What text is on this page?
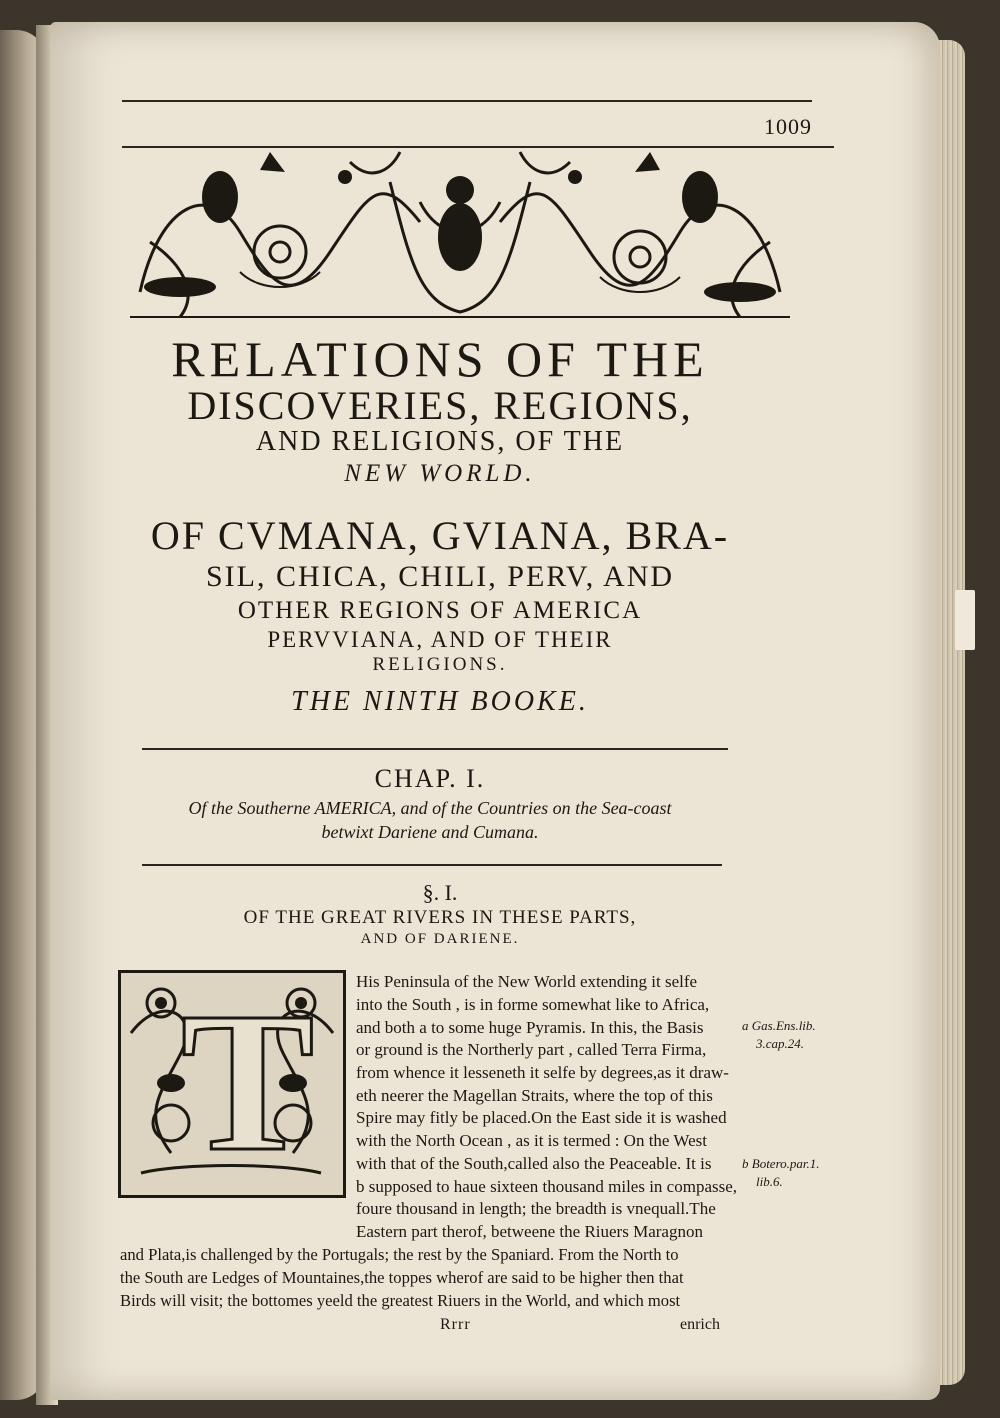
1009
RELATIONS OF THE
DISCOVERIES, REGIONS,
AND RELIGIONS, OF THE
NEW WORLD.
OF CVMANA, GVIANA, BRA-
SIL, CHICA, CHILI, PERV, AND
OTHER REGIONS OF AMERICA
PERVVIANA, AND OF THEIR
RELIGIONS.
THE NINTH BOOKE.
CHAP. I.
Of the Southerne AMERICA, and of the Countries on the Sea-coast
betwixt Dariene and Cumana.
§. I.
OF THE GREAT RIVERS IN THESE PARTS,
AND OF DARIENE.
T His Peninsula of the New World extending it selfe
into the South , is in forme somewhat like to Africa,
and both a to some huge Pyramis. In this, the Basis
or ground is the Northerly part , called Terra Firma,
from whence it lesseneth it selfe by degrees,as it draw-
eth neerer the Magellan Straits, where the top of this
Spire may fitly be placed.On the East side it is washed
with the North Ocean , as it is termed : On the West
with that of the South,called also the Peaceable. It is
b supposed to haue sixteen thousand miles in compasse,
foure thousand in length; the breadth is vnequall.The
Eastern part therof, betweene the Riuers Maragnon
and Plata,is challenged by the Portugals; the rest by the Spaniard. From the North to
the South are Ledges of Mountaines,the toppes wherof are said to be higher then that
Birds will visit; the bottomes yeeld the greatest Riuers in the World, and which most
Rrrr	enrich
a Gas.Ens.lib.
3.cap.24.
b Botero.par.1.
lib.6.
